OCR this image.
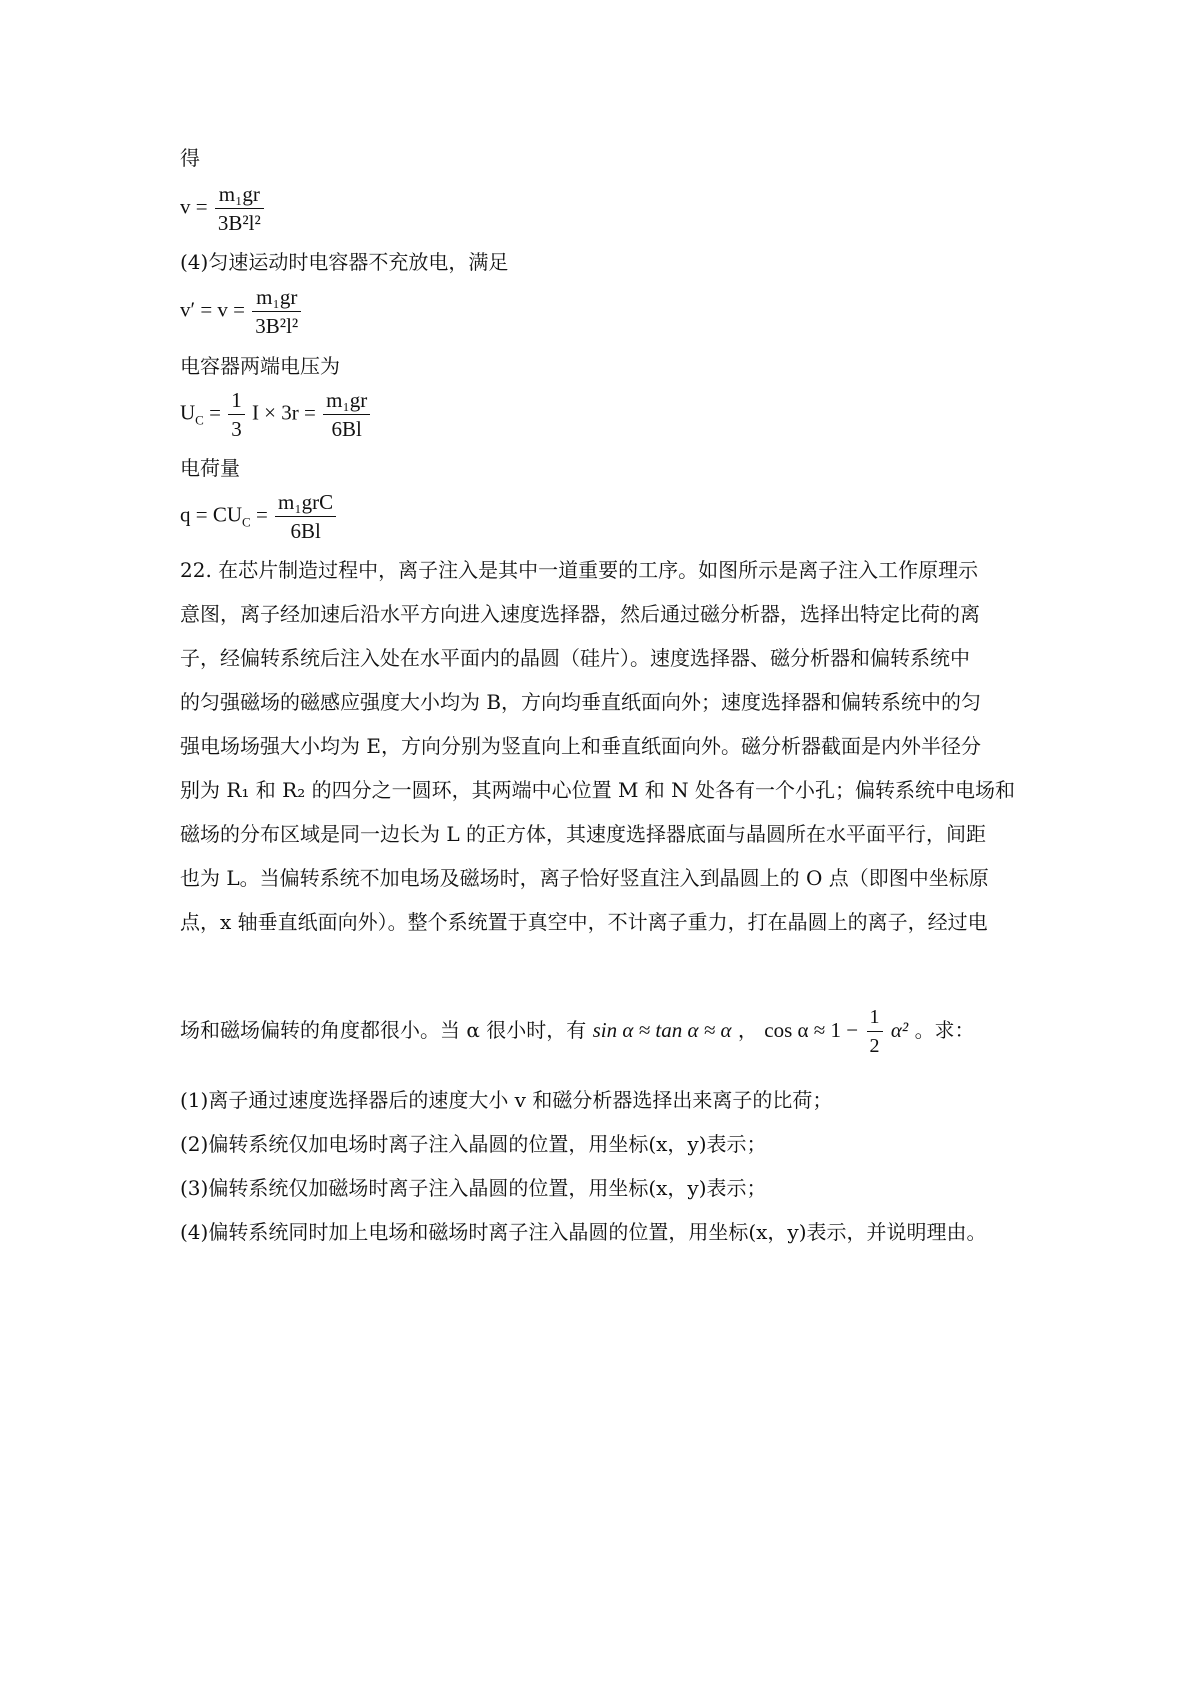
得
$v = \frac{\text{m₁gr}}{\text{3B²l²}}$
(4)匀速运动时电容器不充放电，满足
$v' = v = \frac{\text{m₁gr}}{\text{3B²l²}}$
电容器两端电压为
$U_C = \frac{1}{3}$ $I \times 3r = \frac{\text{m₁gr}}{6Bl}$
电荷量
$q = CU_C = \frac{\text{m₁grC}}{6Bl}$
22. 在芯片制造过程中，离子注入是其中一道重要的工序。如图所示是离子注入工作原理示
意图，离子经加速后沿水平方向进入速度选择器，然后通过磁分析器，选择出特定比荷的离
子，经偏转系统后注入处在水平面内的晶圆（硅片）。速度选择器、磁分析器和偏转系统中
的匀强磁场的磁感应强度大小均为 B，方向均垂直纸面向外；速度选择器和偏转系统中的匀
强电场场强大小均为 E，方向分别为竖直向上和垂直纸面向外。磁分析器截面是内外半径分
别为 R₁ 和 R₂ 的四分之一圆环，其两端中心位置 M 和 N 处各有一个小孔；偏转系统中电场和
磁场的分布区域是同一边长为 L 的正方体，其速度选择器底面与晶圆所在水平面平行，间距
也为 L。当偏转系统不加电场及磁场时，离子恰好竖直注入到晶圆上的 O 点（即图中坐标原
点，x 轴垂直纸面向外）。整个系统置于真空中，不计离子重力，打在晶圆上的离子，经过电
场和磁场偏转的角度都很小。当 α 很小时，有 sin α ≈ tan α ≈ α ， $\cos \alpha \approx 1 - \frac{1}{2} \alpha^2$ 。求：
(1)离子通过速度选择器后的速度大小 v 和磁分析器选择出来离子的比荷；
(2)偏转系统仅加电场时离子注入晶圆的位置，用坐标(x，y)表示；
(3)偏转系统仅加磁场时离子注入晶圆的位置，用坐标(x，y)表示；
(4)偏转系统同时加上电场和磁场时离子注入晶圆的位置，用坐标(x，y)表示，并说明理由。
